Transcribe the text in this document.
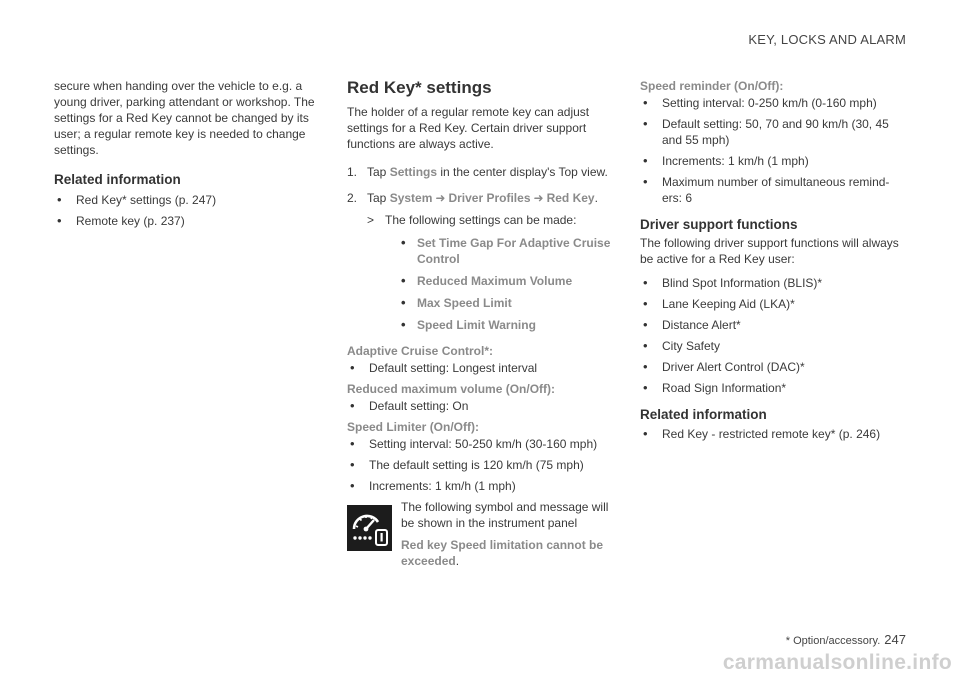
KEY, LOCKS AND ALARM

secure when handing over the vehicle to e.g. a young driver, parking attendant or workshop. The settings for a Red Key cannot be changed by its user; a regular remote key is needed to change settings.

Related information
• Red Key* settings (p. 247)
• Remote key (p. 237)
Red Key* settings

The holder of a regular remote key can adjust settings for a Red Key. Certain driver support functions are always active.

1. Tap Settings in the center display's Top view.
2. Tap System ➜ Driver Profiles ➜ Red Key.
> The following settings can be made:
• Set Time Gap For Adaptive Cruise Control
• Reduced Maximum Volume
• Max Speed Limit
• Speed Limit Warning
Adaptive Cruise Control*:
• Default setting: Longest interval
Reduced maximum volume (On/Off):
• Default setting: On
Speed Limiter (On/Off):
• Setting interval: 50-250 km/h (30-160 mph)
• The default setting is 120 km/h (75 mph)
• Increments: 1 km/h (1 mph)

The following symbol and message will be shown in the instrument panel

Red key Speed limitation cannot be exceeded.

Speed reminder (On/Off):
• Setting interval: 0-250 km/h (0-160 mph)
• Default setting: 50, 70 and 90 km/h (30, 45 and 55 mph)
• Increments: 1 km/h (1 mph)
• Maximum number of simultaneous remind-ers: 6
Driver support functions

The following driver support functions will always be active for a Red Key user:

• Blind Spot Information (BLIS)*
• Lane Keeping Aid (LKA)*
• Distance Alert*
• City Safety
• Driver Alert Control (DAC)*
• Road Sign Information*
Related information
• Red Key - restricted remote key* (p. 246)
* Option/accessory. 247
carmanualsonline.info
